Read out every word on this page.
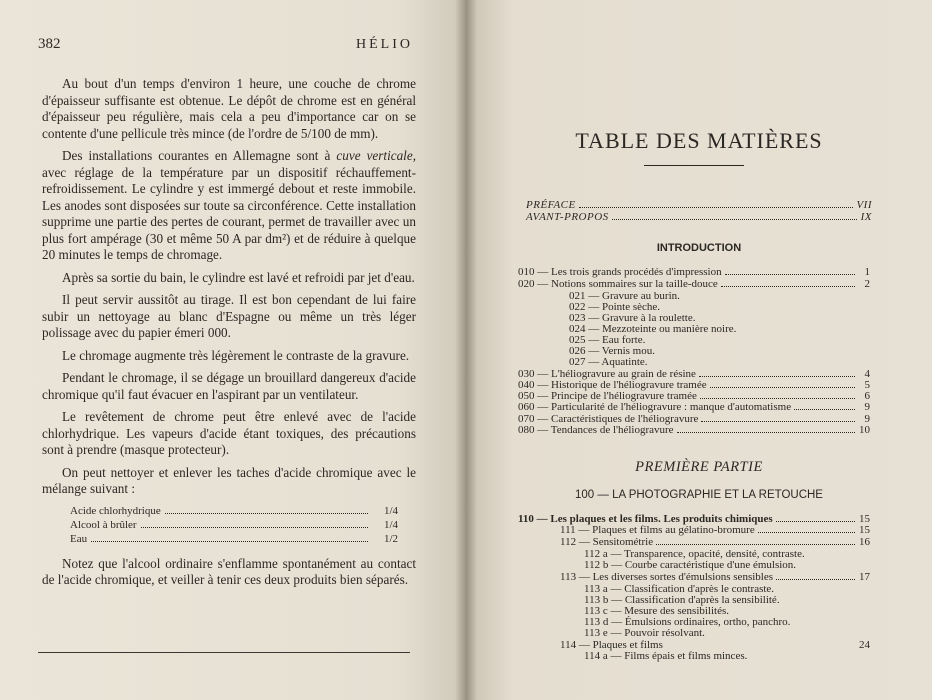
382	HÉLIO

Au bout d'un temps d'environ 1 heure, une couche de chrome d'épaisseur suffisante est obtenue. Le dépôt de chrome est en général d'épaisseur peu régulière, mais cela a peu d'importance car on se contente d'une pellicule très mince (de l'ordre de 5/100 de mm).

Des installations courantes en Allemagne sont à cuve verticale, avec réglage de la température par un dispositif réchauffement-refroidissement. Le cylindre y est immergé debout et reste immobile. Les anodes sont disposées sur toute sa circonférence. Cette installation supprime une partie des pertes de courant, permet de travailler avec un plus fort ampérage (30 et même 50 A par dm²) et de réduire à quelque 20 minutes le temps de chromage.

Après sa sortie du bain, le cylindre est lavé et refroidi par jet d'eau.

Il peut servir aussitôt au tirage. Il est bon cependant de lui faire subir un nettoyage au blanc d'Espagne ou même un très léger polissage avec du papier émeri 000.

Le chromage augmente très légèrement le contraste de la gravure.

Pendant le chromage, il se dégage un brouillard dangereux d'acide chromique qu'il faut évacuer en l'aspirant par un ventilateur.

Le revêtement de chrome peut être enlevé avec de l'acide chlorhydrique. Les vapeurs d'acide étant toxiques, des précautions sont à prendre (masque protecteur).

On peut nettoyer et enlever les taches d'acide chromique avec le mélange suivant :

Acide chlorhydrique	1/4
Alcool à brûler	1/4
Eau	1/2

Notez que l'alcool ordinaire s'enflamme spontanément au contact de l'acide chromique, et veiller à tenir ces deux produits bien séparés.

TABLE DES MATIÈRES
PRÉFACE	VII
AVANT-PROPOS	IX
INTRODUCTION
010 — Les trois grands procédés d'impression	1
020 — Notions sommaires sur la taille-douce	2
021 — Gravure au burin.
022 — Pointe sèche.
023 — Gravure à la roulette.
024 — Mezzoteinte ou manière noire.
025 — Eau forte.
026 — Vernis mou.
027 — Aquatinte.
030 — L'héliogravure au grain de résine	4
040 — Historique de l'héliogravure tramée	5
050 — Principe de l'héliogravure tramée	6
060 — Particularité de l'héliogravure : manque d'automatisme	9
070 — Caractéristiques de l'héliogravure	9
080 — Tendances de l'héliogravure	10
PREMIÈRE PARTIE
100 — LA PHOTOGRAPHIE ET LA RETOUCHE
110 — Les plaques et les films. Les produits chimiques	15
111 — Plaques et films au gélatino-bromure	15
112 — Sensitométrie	16
112 a — Transparence, opacité, densité, contraste.
112 b — Courbe caractéristique d'une émulsion.
113 — Les diverses sortes d'émulsions sensibles	17
113 a — Classification d'après le contraste.
113 b — Classification d'après la sensibilité.
113 c — Mesure des sensibilités.
113 d — Émulsions ordinaires, ortho, panchro.
113 e — Pouvoir résolvant.
114 — Plaques et films	24
114 a — Films épais et films minces.
